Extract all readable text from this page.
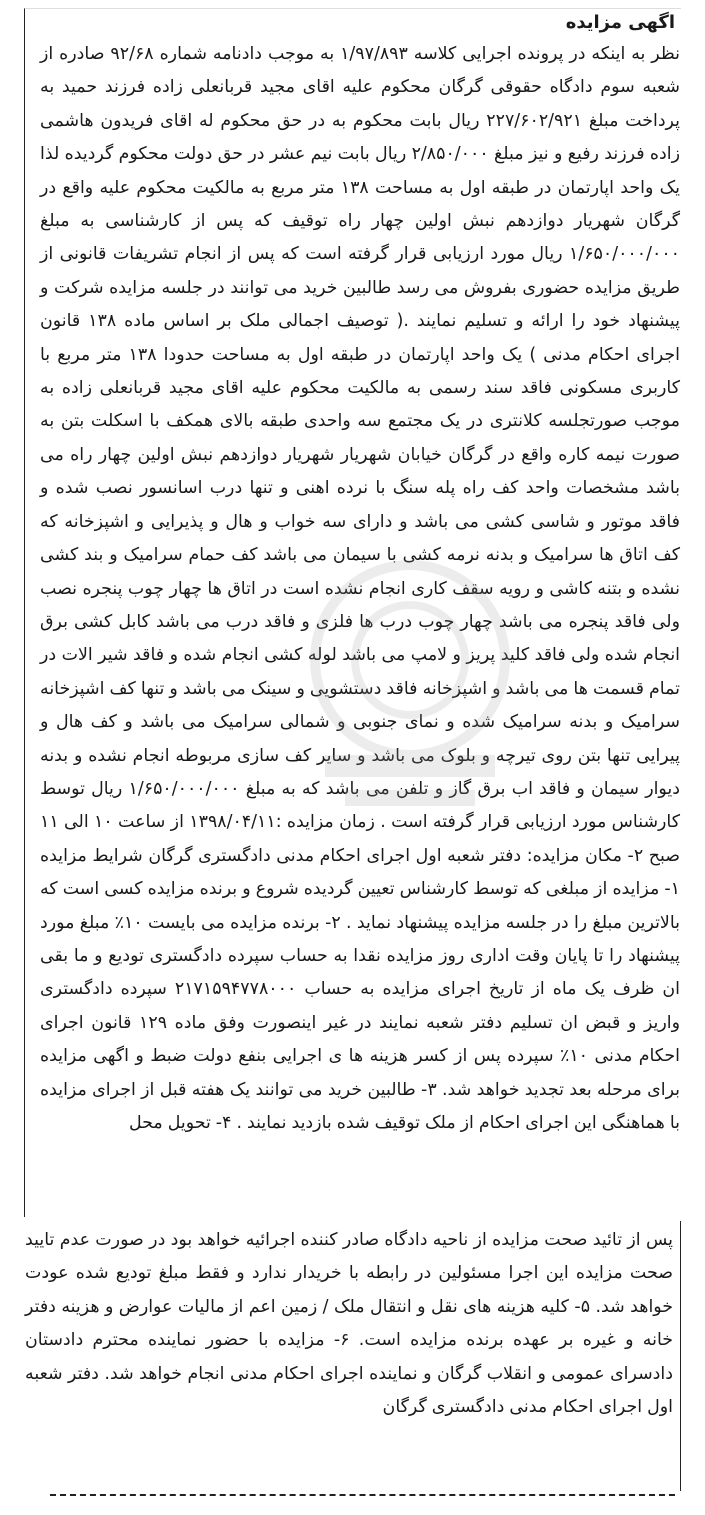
اگهی مزایده
نظر به اینکه در پرونده اجرایی کلاسه ۱/۹۷/۸۹۳ به موجب دادنامه شماره ۹۲/۶۸ صادره از شعبه سوم دادگاه حقوقی گرگان محکوم علیه اقای مجید قربانعلی زاده فرزند حمید به پرداخت مبلغ ۲۲۷/۶۰۲/۹۲۱ ریال بابت محکوم به در حق محکوم له اقای فریدون هاشمی زاده فرزند رفیع و نیز مبلغ ۲/۸۵۰/۰۰۰ ریال بابت نیم عشر در حق دولت محکوم گردیده لذا یک واحد اپارتمان در طبقه اول به مساحت ۱۳۸ متر مربع به مالکیت محکوم علیه واقع در گرگان شهریار دوازدهم نبش اولین چهار راه توقیف که پس از کارشناسی به مبلغ ۱/۶۵۰/۰۰۰/۰۰۰ ریال مورد ارزیابی قرار گرفته است که پس از انجام تشریفات قانونی از طریق مزایده حضوری بفروش می رسد طالبین خرید می توانند در جلسه مزایده شرکت و پیشنهاد خود را ارائه و تسلیم نمایند .( توصیف اجمالی ملک بر اساس ماده ۱۳۸ قانون اجرای احکام مدنی ) یک واحد اپارتمان در طبقه اول به مساحت حدودا ۱۳۸ متر مربع با کاربری مسکونی فاقد سند رسمی به مالکیت محکوم علیه اقای مجید قربانعلی زاده به موجب صورتجلسه کلانتری در یک مجتمع سه واحدی طبقه بالای همکف با اسکلت بتن به صورت نیمه کاره واقع در گرگان خیابان شهریار شهریار دوازدهم نبش اولین چهار راه می باشد مشخصات واحد کف راه پله سنگ با نرده اهنی و تنها درب اسانسور نصب شده و فاقد موتور و شاسی کشی می باشد و دارای سه خواب و هال و پذیرایی و اشپزخانه که کف اتاق ها سرامیک و بدنه نرمه کشی با سیمان می باشد کف حمام سرامیک و بند کشی نشده و بتنه کاشی و رویه سقف کاری انجام نشده است در اتاق ها چهار چوب پنجره نصب ولی فاقد پنجره می باشد چهار چوب درب ها فلزی و فاقد درب می باشد کابل کشی برق انجام شده ولی فاقد کلید پریز و لامپ می باشد لوله کشی انجام شده و فاقد شیر الات در تمام قسمت ها می باشد و اشپزخانه فاقد دستشویی و سینک می باشد و تنها کف اشپزخانه سرامیک و بدنه سرامیک شده و نمای جنوبی و شمالی سرامیک می باشد و کف هال و پیرایی تنها بتن روی تیرچه و بلوک می باشد و سایر کف سازی مربوطه انجام نشده و بدنه دیوار سیمان و فاقد اب برق گاز و تلفن می باشد که به مبلغ ۱/۶۵۰/۰۰۰/۰۰۰ ریال توسط کارشناس مورد ارزیابی قرار گرفته است . زمان مزایده :۱۳۹۸/۰۴/۱۱ از ساعت ۱۰ الی ۱۱ صبح ۲- مکان مزایده: دفتر شعبه اول اجرای احکام مدنی دادگستری گرگان شرایط مزایده ۱- مزایده از مبلغی که توسط کارشناس تعیین گردیده شروع و برنده مزایده کسی است که بالاترین مبلغ را در جلسه مزایده پیشنهاد نماید . ۲- برنده مزایده می بایست ۱۰٪ مبلغ مورد پیشنهاد را تا پایان وقت اداری روز مزایده نقدا به حساب سپرده دادگستری تودیع و ما بقی ان ظرف یک ماه از تاریخ اجرای مزایده به حساب ۲۱۷۱۵۹۴۷۷۸۰۰۰ سپرده دادگستری واریز و قبض ان تسلیم دفتر شعبه نمایند در غیر اینصورت وفق ماده ۱۲۹ قانون اجرای احکام مدنی ۱۰٪ سپرده پس از کسر هزینه ها ی اجرایی بنفع دولت ضبط و اگهی مزایده برای مرحله بعد تجدید خواهد شد. ۳- طالبین خرید می توانند یک هفته قبل از اجرای مزایده با هماهنگی این اجرای احکام از ملک توقیف شده بازدید نمایند . ۴- تحویل محل
پس از تائید صحت مزایده از ناحیه دادگاه صادر کننده اجرائیه خواهد بود در صورت عدم تایید صحت مزایده این اجرا مسئولین در رابطه با خریدار ندارد و فقط مبلغ تودیع شده عودت خواهد شد. ۵- کلیه هزینه های نقل و انتقال ملک / زمین اعم از مالیات عوارض و هزینه دفتر خانه و غیره بر عهده برنده مزایده است. ۶- مزایده با حضور نماینده محترم دادستان دادسرای عمومی و انقلاب گرگان و نماینده اجرای احکام مدنی انجام خواهد شد. دفتر شعبه اول اجرای احکام مدنی دادگستری گرگان
